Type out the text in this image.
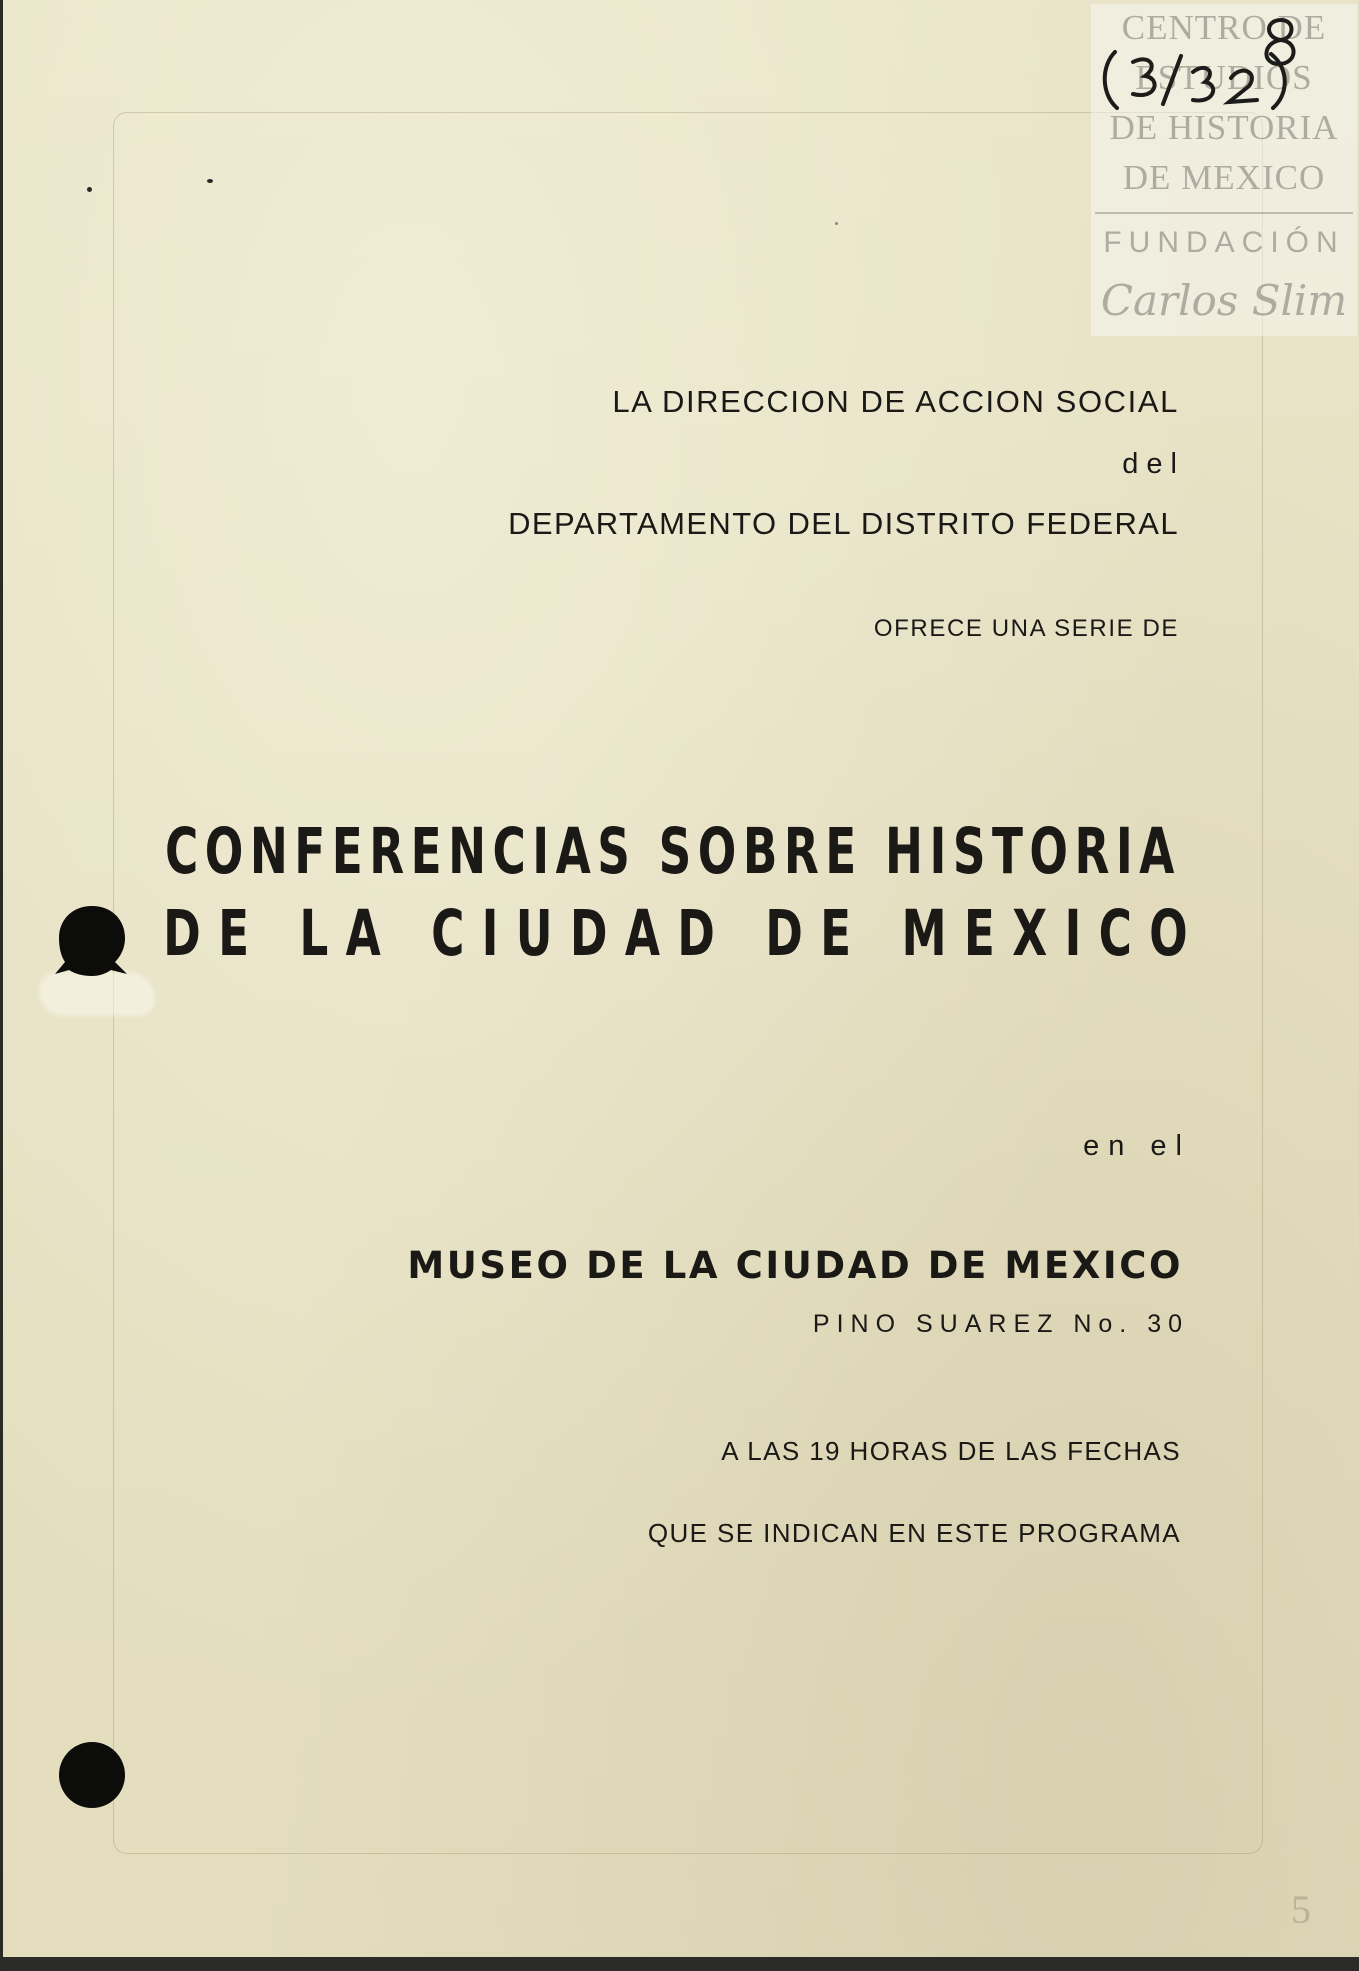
CENTRO DE
ESTUDIOS
DE HISTORIA
DE MEXICO
FUNDACIÓN
Carlos Slim
LA DIRECCION DE ACCION SOCIAL
del
DEPARTAMENTO DEL DISTRITO FEDERAL
OFRECE UNA SERIE DE
CONFERENCIAS SOBRE HISTORIA
DE LA CIUDAD DE MEXICO
en el
MUSEO DE LA CIUDAD DE MEXICO
PINO SUAREZ No. 30
A LAS 19 HORAS DE LAS FECHAS
QUE SE INDICAN EN ESTE PROGRAMA
5
